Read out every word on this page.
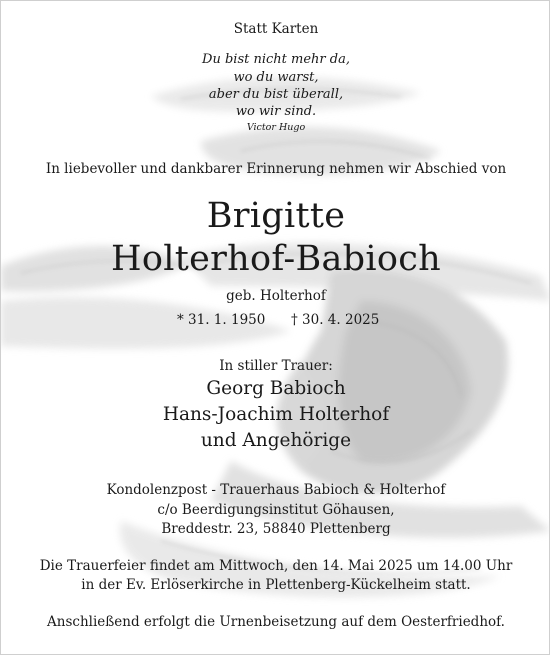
Statt Karten
Du bist nicht mehr da,
wo du warst,
aber du bist überall,
wo wir sind.
Victor Hugo
In liebevoller und dankbarer Erinnerung nehmen wir Abschied von
Brigitte
Holterhof-Babioch
geb. Holterhof
* 31. 1. 1950 † 30. 4. 2025
In stiller Trauer:
Georg Babioch
Hans-Joachim Holterhof
und Angehörige
Kondolenzpost - Trauerhaus Babioch & Holterhof
c/o Beerdigungsinstitut Göhausen,
Breddestr. 23, 58840 Plettenberg
Die Trauerfeier findet am Mittwoch, den 14. Mai 2025 um 14.00 Uhr
in der Ev. Erlöserkirche in Plettenberg-Kückelheim statt.
Anschließend erfolgt die Urnenbeisetzung auf dem Oesterfriedhof.
